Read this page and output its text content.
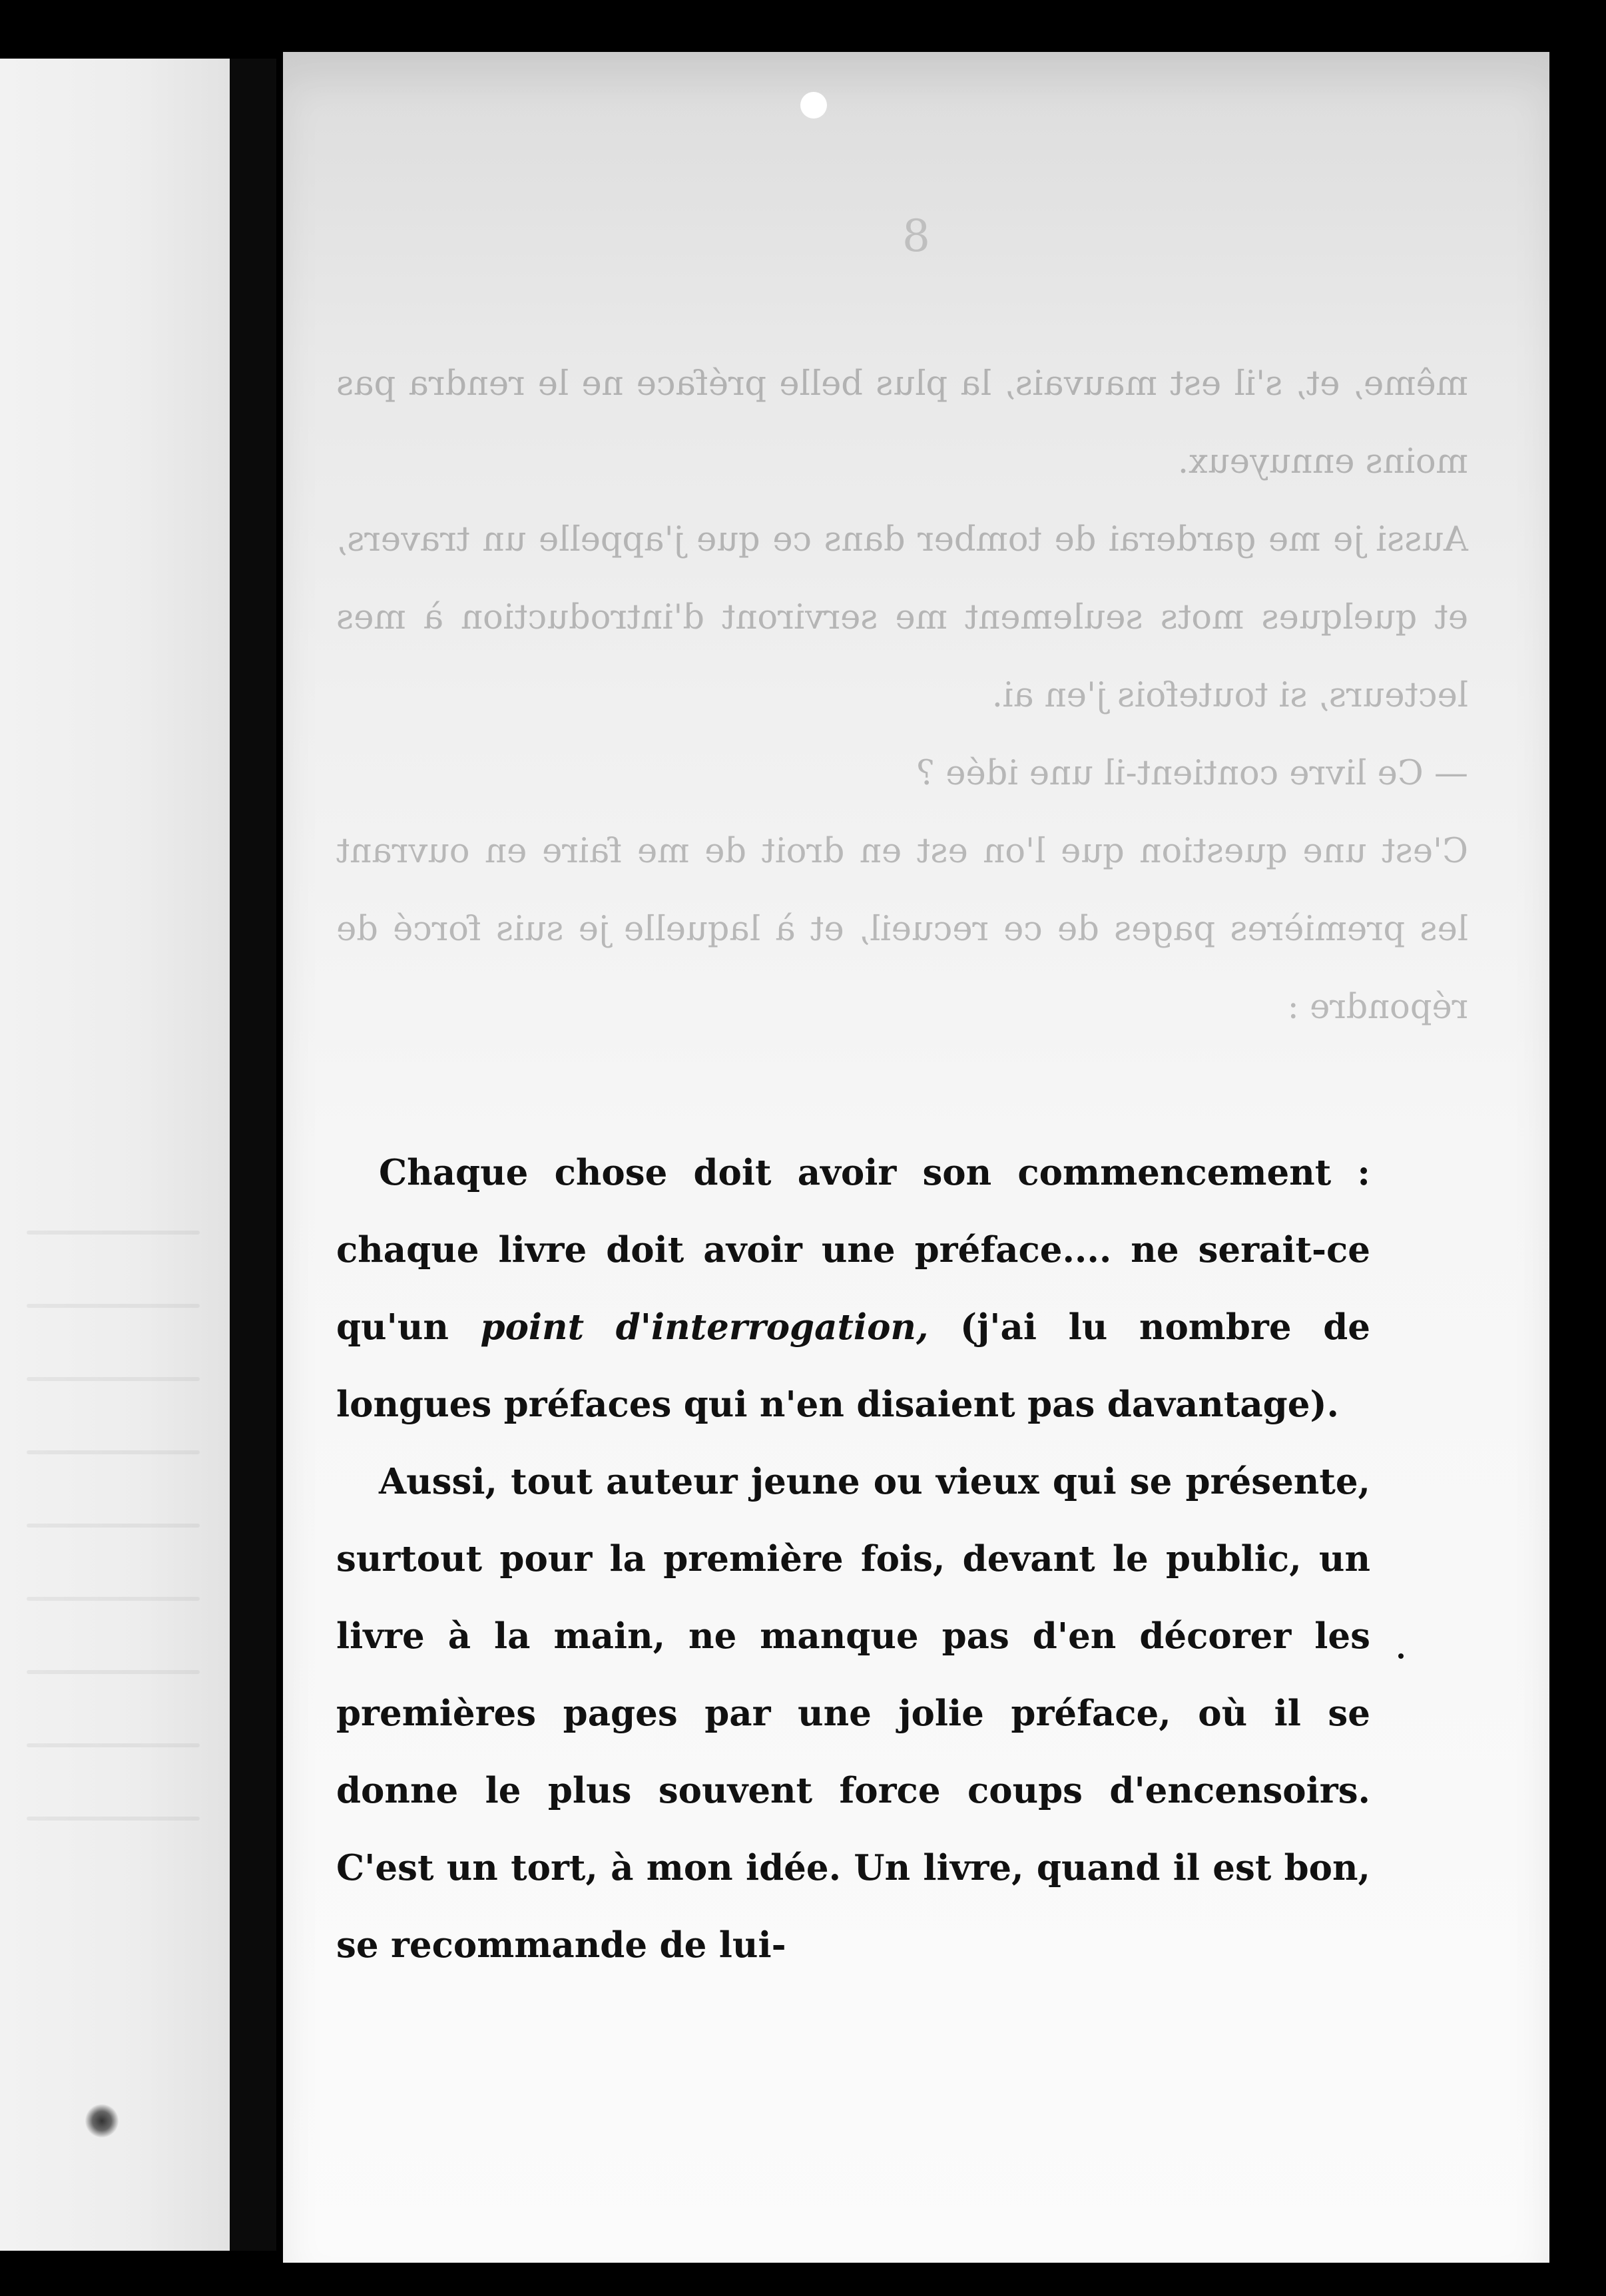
8

même, et, s'il est mauvais, la plus belle préface ne le rendra pas moins ennuyeux.

Aussi je me garderai de tomber dans ce que j'appelle un travers, et quelques mots seulement me serviront d'introduction à mes lecteurs, si toutefois j'en ai.

— Ce livre contient-il une idée ?

C'est une question que l'on est en droit de me faire en ouvrant les premières pages de ce recueil, et à laquelle je suis forcé de répondre :

Chaque chose doit avoir son commencement : chaque livre doit avoir une préface.... ne serait-ce qu'un point d'interrogation, (j'ai lu nombre de longues préfaces qui n'en disaient pas davantage).

Aussi, tout auteur jeune ou vieux qui se présente, surtout pour la première fois, devant le public, un livre à la main, ne manque pas d'en décorer les premières pages par une jolie préface, où il se donne le plus souvent force coups d'encensoirs. C'est un tort, à mon idée. Un livre, quand il est bon, se recommande de lui-
